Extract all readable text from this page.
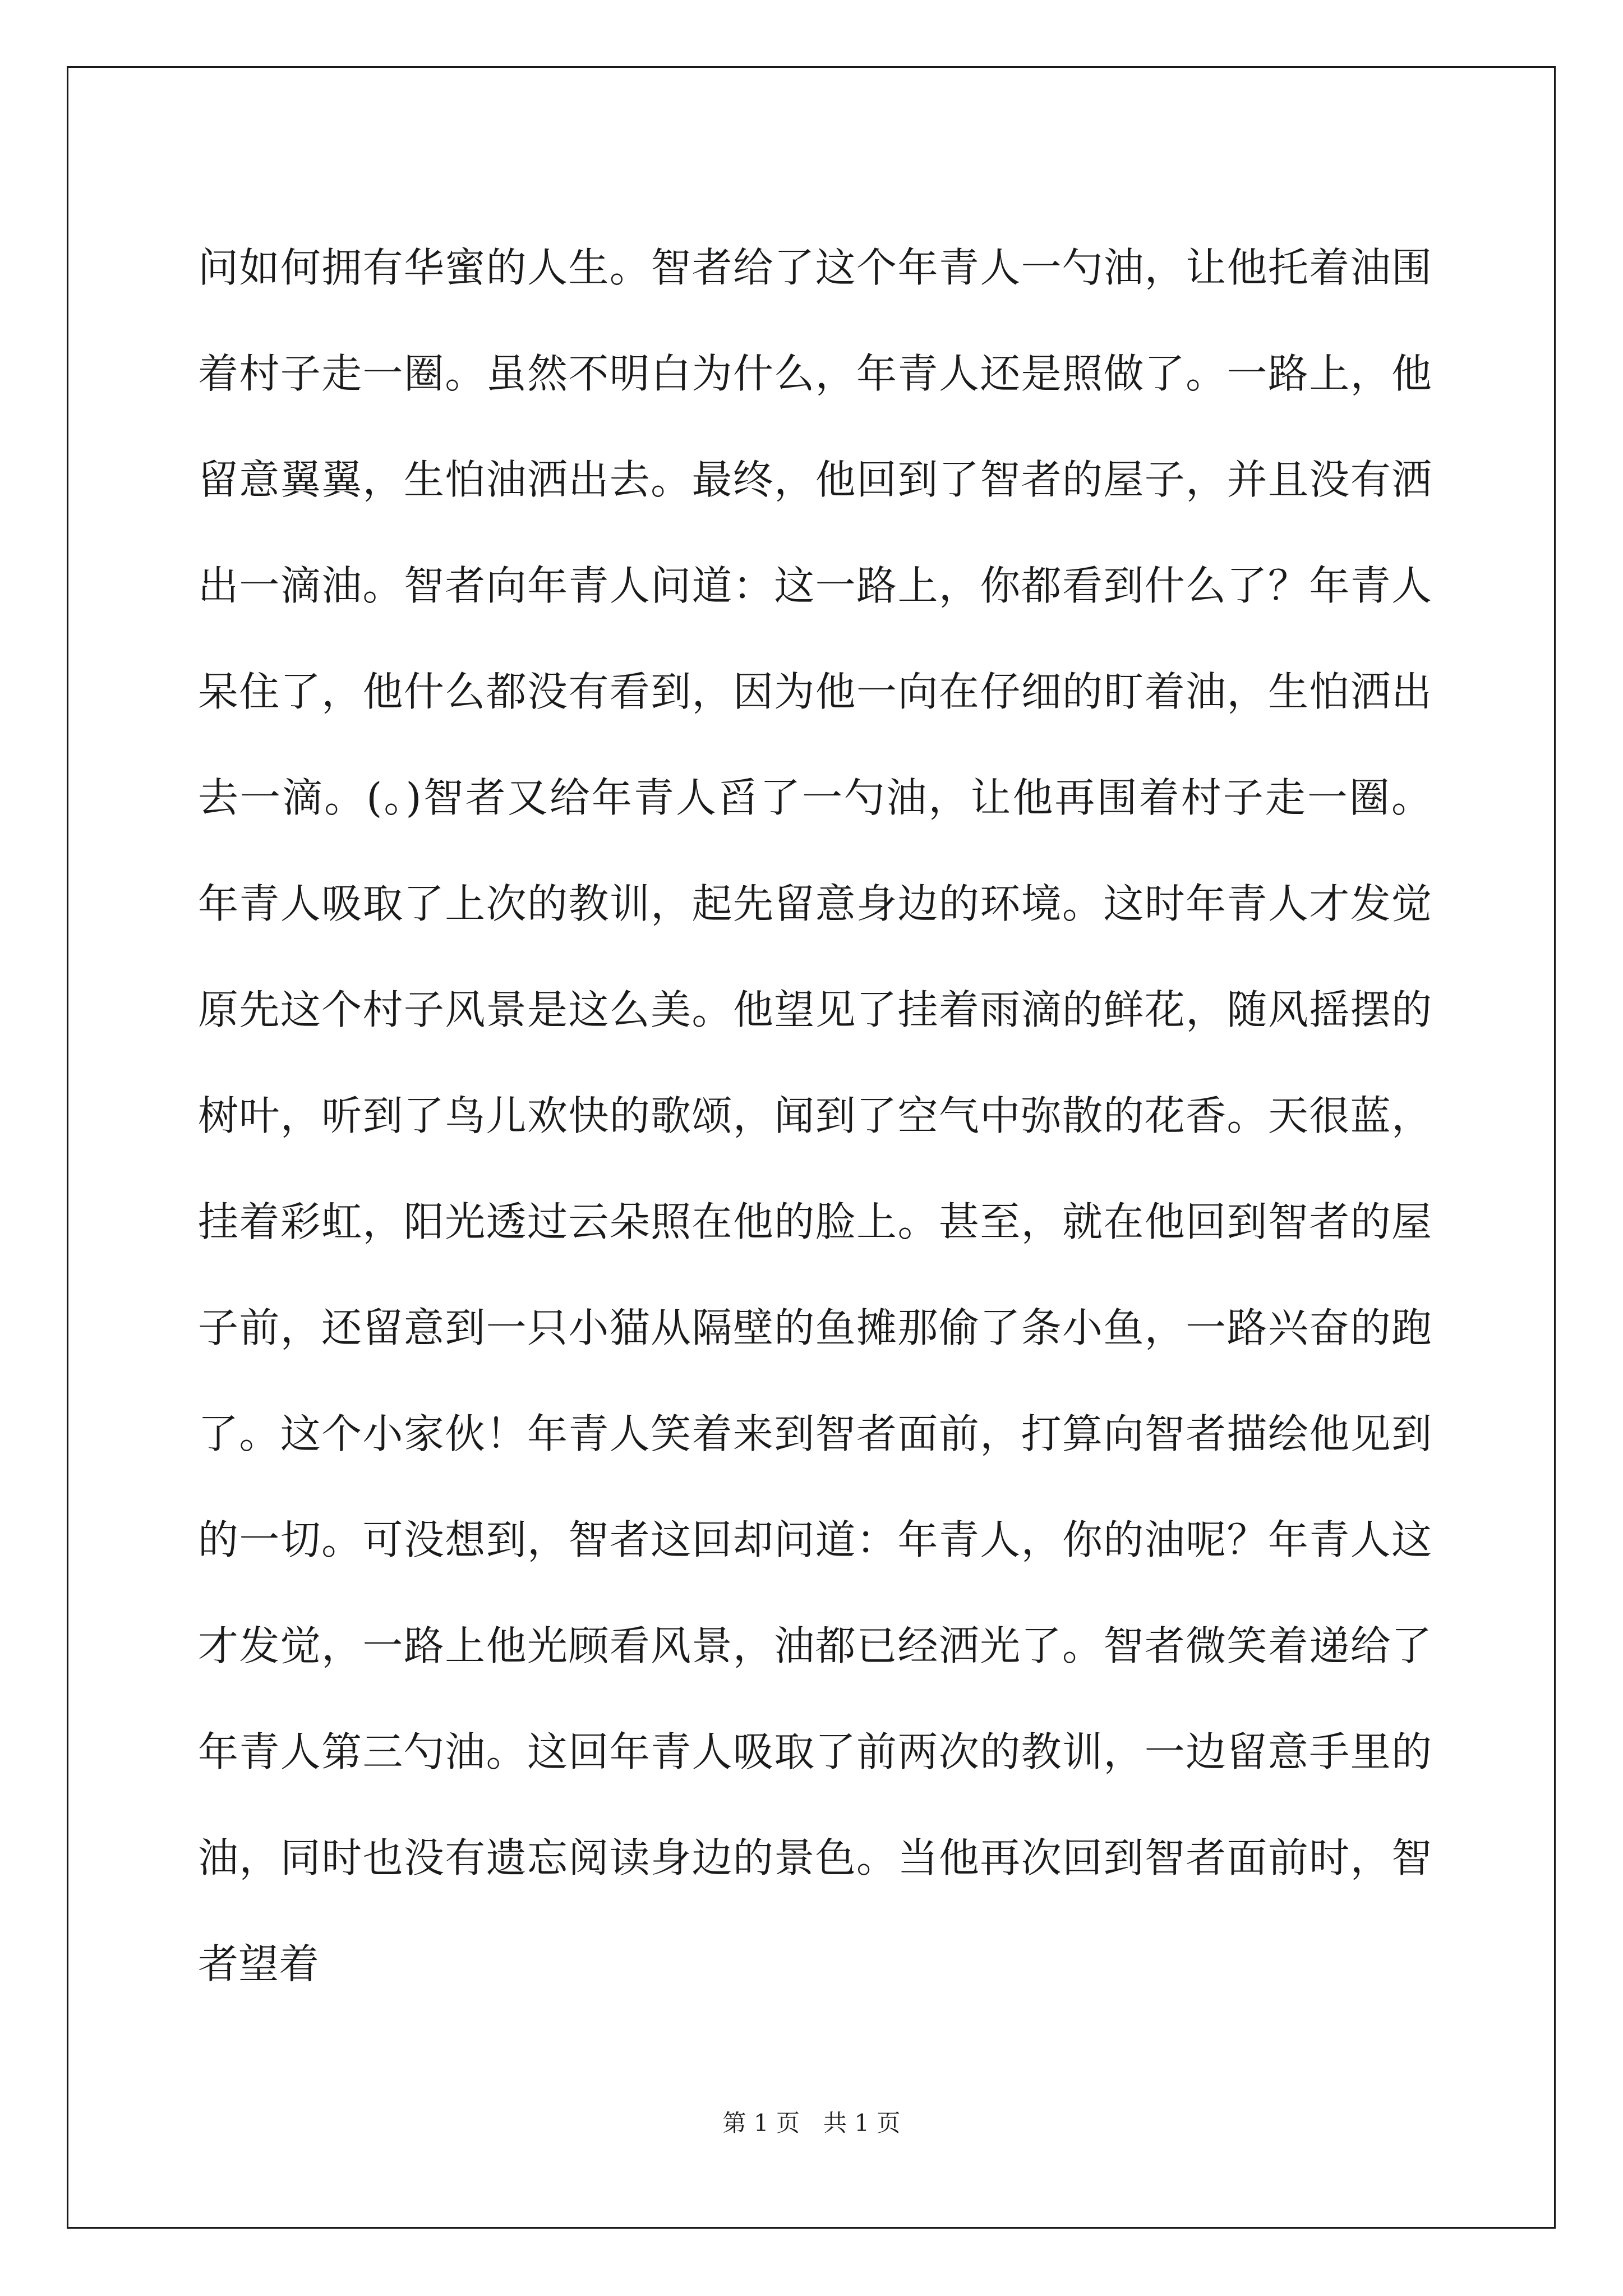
问如何拥有华蜜的人生。智者给了这个年青人一勺油，让他托着油围
着村子走一圈。虽然不明白为什么，年青人还是照做了。一路上，他
留意翼翼，生怕油洒出去。最终，他回到了智者的屋子，并且没有洒
出一滴油。智者向年青人问道：这一路上，你都看到什么了？年青人
呆住了，他什么都没有看到，因为他一向在仔细的盯着油，生怕洒出
去一滴。(。)智者又给年青人舀了一勺油，让他再围着村子走一圈。
年青人吸取了上次的教训，起先留意身边的环境。这时年青人才发觉
原先这个村子风景是这么美。他望见了挂着雨滴的鲜花，随风摇摆的
树叶，听到了鸟儿欢快的歌颂，闻到了空气中弥散的花香。天很蓝，
挂着彩虹，阳光透过云朵照在他的脸上。甚至，就在他回到智者的屋
子前，还留意到一只小猫从隔壁的鱼摊那偷了条小鱼，一路兴奋的跑
了。这个小家伙！年青人笑着来到智者面前，打算向智者描绘他见到
的一切。可没想到，智者这回却问道：年青人，你的油呢？年青人这
才发觉，一路上他光顾看风景，油都已经洒光了。智者微笑着递给了
年青人第三勺油。这回年青人吸取了前两次的教训，一边留意手里的
油，同时也没有遗忘阅读身边的景色。当他再次回到智者面前时，智
者望着
第 1 页　共 1 页
